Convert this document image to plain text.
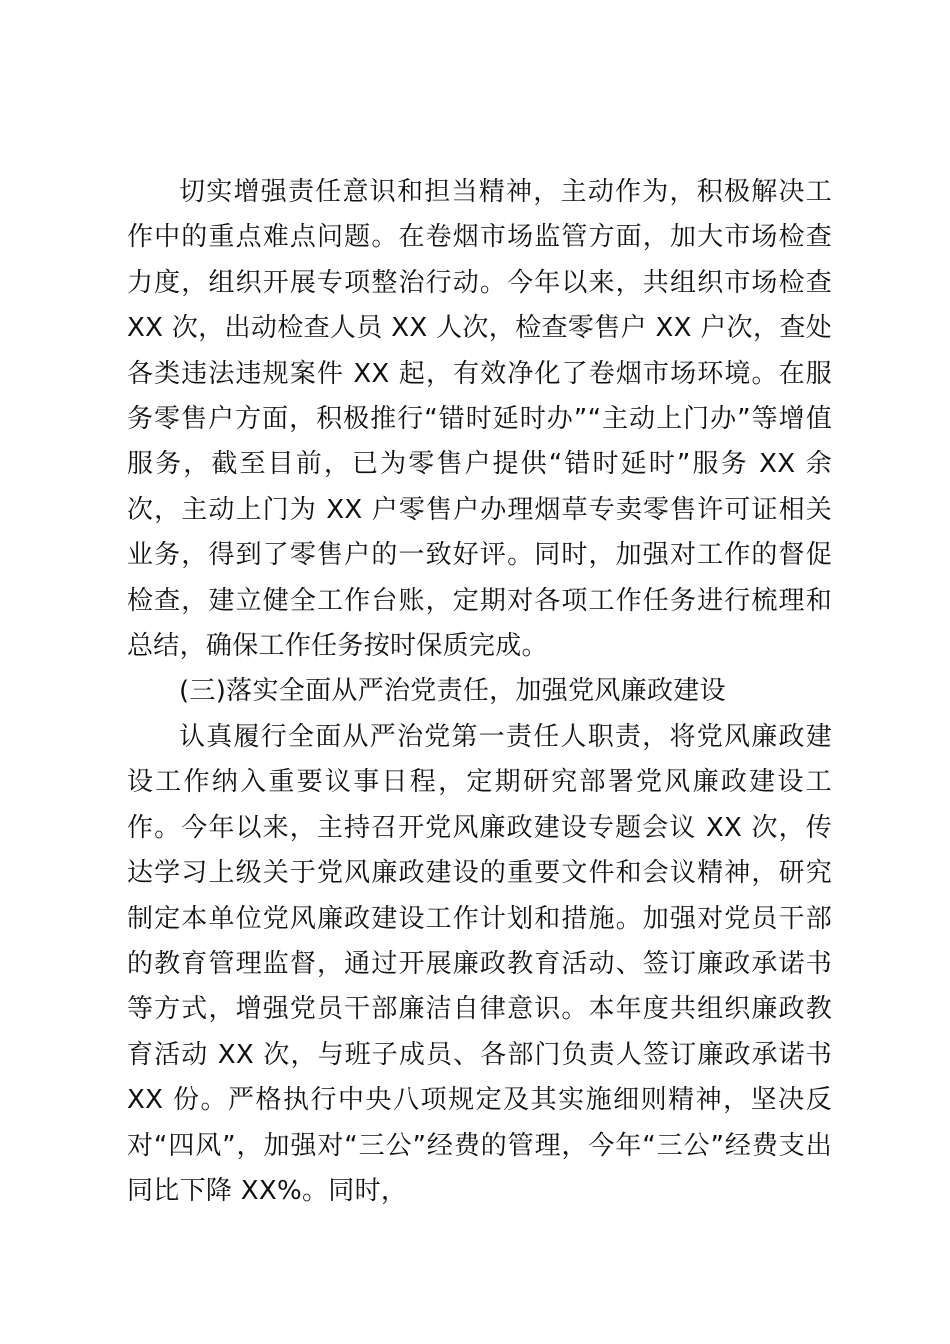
切实增强责任意识和担当精神，主动作为，积极解决工作中的重点难点问题。在卷烟市场监管方面，加大市场检查力度，组织开展专项整治行动。今年以来，共组织市场检查 XX 次，出动检查人员 XX 人次，检查零售户 XX 户次，查处各类违法违规案件 XX 起，有效净化了卷烟市场环境。在服务零售户方面，积极推行“错时延时办”“主动上门办”等增值服务，截至目前，已为零售户提供“错时延时”服务 XX 余次，主动上门为 XX 户零售户办理烟草专卖零售许可证相关业务，得到了零售户的一致好评。同时，加强对工作的督促检查，建立健全工作台账，定期对各项工作任务进行梳理和总结，确保工作任务按时保质完成。

(三)落实全面从严治党责任，加强党风廉政建设

认真履行全面从严治党第一责任人职责，将党风廉政建设工作纳入重要议事日程，定期研究部署党风廉政建设工作。今年以来，主持召开党风廉政建设专题会议 XX 次，传达学习上级关于党风廉政建设的重要文件和会议精神，研究制定本单位党风廉政建设工作计划和措施。加强对党员干部的教育管理监督，通过开展廉政教育活动、签订廉政承诺书等方式，增强党员干部廉洁自律意识。本年度共组织廉政教育活动 XX 次，与班子成员、各部门负责人签订廉政承诺书 XX 份。严格执行中央八项规定及其实施细则精神，坚决反对“四风”，加强对“三公”经费的管理，今年“三公”经费支出同比下降 XX%。同时，
